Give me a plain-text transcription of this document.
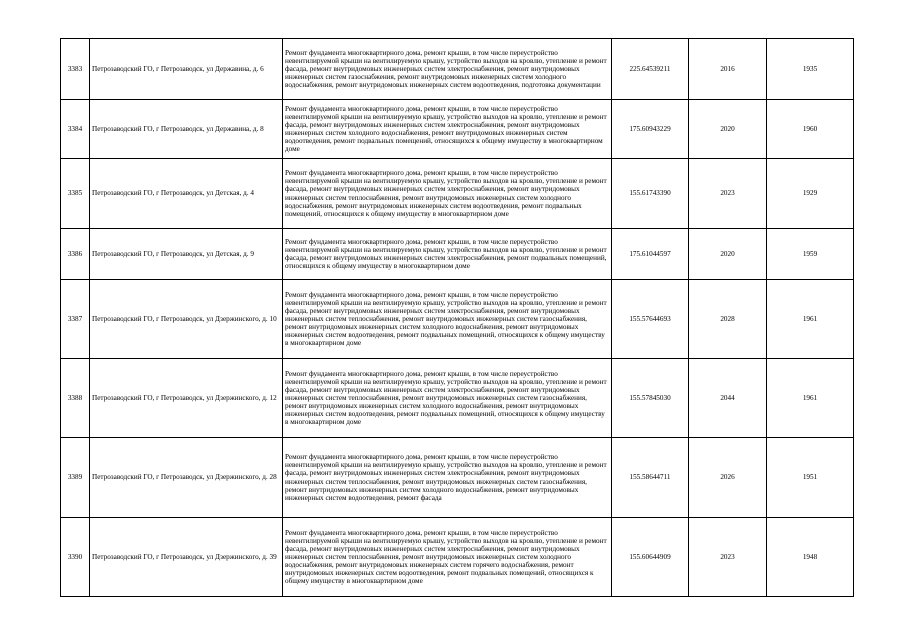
3383	Петрозаводский ГО, г Петрозаводск, ул Державина, д. 6	Ремонт фундамента многоквартирного дома, ремонт крыши, в том числе переустройство невентилируемой крыши на вентилируемую крышу, устройство выходов на кровлю, утепление и ремонт фасада, ремонт внутридомовых инженерных систем электроснабжения, ремонт внутридомовых инженерных систем газоснабжения, ремонт внутридомовых инженерных систем холодного водоснабжения, ремонт внутридомовых инженерных систем водоотведения, подготовка документации	225.64539211	2016	1935
3384	Петрозаводский ГО, г Петрозаводск, ул Державина, д. 8	Ремонт фундамента многоквартирного дома, ремонт крыши, в том числе переустройство невентилируемой крыши на вентилируемую крышу, устройство выходов на кровлю, утепление и ремонт фасада, ремонт внутридомовых инженерных систем электроснабжения, ремонт внутридомовых инженерных систем холодного водоснабжения, ремонт внутридомовых инженерных систем водоотведения, ремонт подвальных помещений, относящихся к общему имуществу в многоквартирном доме	175.60943229	2020	1960
3385	Петрозаводский ГО, г Петрозаводск, ул Детская, д. 4	Ремонт фундамента многоквартирного дома, ремонт крыши, в том числе переустройство невентилируемой крыши на вентилируемую крышу, устройство выходов на кровлю, утепление и ремонт фасада, ремонт внутридомовых инженерных систем электроснабжения, ремонт внутридомовых инженерных систем теплоснабжения, ремонт внутридомовых инженерных систем холодного водоснабжения, ремонт внутридомовых инженерных систем водоотведения, ремонт подвальных помещений, относящихся к общему имуществу в многоквартирном доме	155.61743390	2023	1929
3386	Петрозаводский ГО, г Петрозаводск, ул Детская, д. 9	Ремонт фундамента многоквартирного дома, ремонт крыши, в том числе переустройство невентилируемой крыши на вентилируемую крышу, устройство выходов на кровлю, утепление и ремонт фасада, ремонт внутридомовых инженерных систем электроснабжения, ремонт подвальных помещений, относящихся к общему имуществу в многоквартирном доме	175.61044597	2020	1959
3387	Петрозаводский ГО, г Петрозаводск, ул Дзержинского, д. 10	Ремонт фундамента многоквартирного дома, ремонт крыши, в том числе переустройство невентилируемой крыши на вентилируемую крышу, устройство выходов на кровлю, утепление и ремонт фасада, ремонт внутридомовых инженерных систем электроснабжения, ремонт внутридомовых инженерных систем теплоснабжения, ремонт внутридомовых инженерных систем газоснабжения, ремонт внутридомовых инженерных систем холодного водоснабжения, ремонт внутридомовых инженерных систем водоотведения, ремонт подвальных помещений, относящихся к общему имуществу в многоквартирном доме	155.57644693	2028	1961
3388	Петрозаводский ГО, г Петрозаводск, ул Дзержинского, д. 12	Ремонт фундамента многоквартирного дома, ремонт крыши, в том числе переустройство невентилируемой крыши на вентилируемую крышу, устройство выходов на кровлю, утепление и ремонт фасада, ремонт внутридомовых инженерных систем электроснабжения, ремонт внутридомовых инженерных систем теплоснабжения, ремонт внутридомовых инженерных систем газоснабжения, ремонт внутридомовых инженерных систем холодного водоснабжения, ремонт внутридомовых инженерных систем водоотведения, ремонт подвальных помещений, относящихся к общему имуществу в многоквартирном доме	155.57845030	2044	1961
3389	Петрозаводский ГО, г Петрозаводск, ул Дзержинского, д. 28	Ремонт фундамента многоквартирного дома, ремонт крыши, в том числе переустройство невентилируемой крыши на вентилируемую крышу, устройство выходов на кровлю, утепление и ремонт фасада, ремонт внутридомовых инженерных систем электроснабжения, ремонт внутридомовых инженерных систем теплоснабжения, ремонт внутридомовых инженерных систем газоснабжения, ремонт внутридомовых инженерных систем холодного водоснабжения, ремонт внутридомовых инженерных систем водоотведения, ремонт фасада	155.58644711	2026	1951
3390	Петрозаводский ГО, г Петрозаводск, ул Дзержинского, д. 39	Ремонт фундамента многоквартирного дома, ремонт крыши, в том числе переустройство невентилируемой крыши на вентилируемую крышу, устройство выходов на кровлю, утепление и ремонт фасада, ремонт внутридомовых инженерных систем электроснабжения, ремонт внутридомовых инженерных систем теплоснабжения, ремонт внутридомовых инженерных систем холодного водоснабжения, ремонт внутридомовых инженерных систем горячего водоснабжения, ремонт внутридомовых инженерных систем водоотведения, ремонт подвальных помещений, относящихся к общему имуществу в многоквартирном доме	155.60644909	2023	1948
